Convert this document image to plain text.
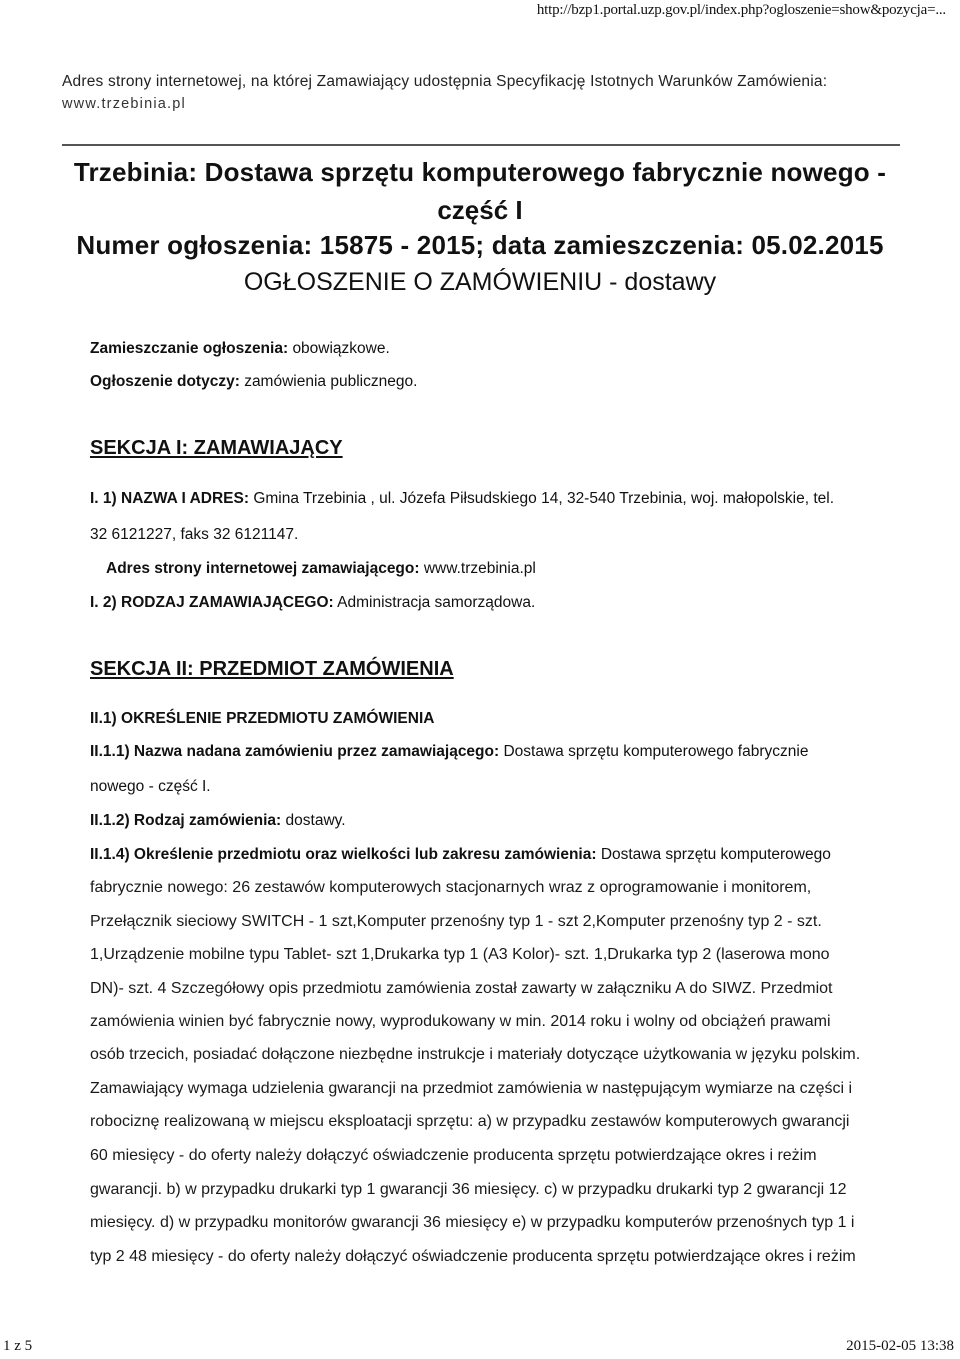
http://bzp1.portal.uzp.gov.pl/index.php?ogloszenie=show&pozycja=...
Adres strony internetowej, na której Zamawiający udostępnia Specyfikację Istotnych Warunków Zamówienia:
www.trzebinia.pl
Trzebinia: Dostawa sprzętu komputerowego fabrycznie nowego -
część I
Numer ogłoszenia: 15875 - 2015; data zamieszczenia: 05.02.2015
OGŁOSZENIE O ZAMÓWIENIU - dostawy
Zamieszczanie ogłoszenia: obowiązkowe.
Ogłoszenie dotyczy: zamówienia publicznego.
SEKCJA I: ZAMAWIAJĄCY
I. 1) NAZWA I ADRES: Gmina Trzebinia , ul. Józefa Piłsudskiego 14, 32-540 Trzebinia, woj. małopolskie, tel.
32 6121227, faks 32 6121147.
Adres strony internetowej zamawiającego: www.trzebinia.pl
I. 2) RODZAJ ZAMAWIAJĄCEGO: Administracja samorządowa.
SEKCJA II: PRZEDMIOT ZAMÓWIENIA
II.1) OKREŚLENIE PRZEDMIOTU ZAMÓWIENIA
II.1.1) Nazwa nadana zamówieniu przez zamawiającego: Dostawa sprzętu komputerowego fabrycznie
nowego - część I.
II.1.2) Rodzaj zamówienia: dostawy.
II.1.4) Określenie przedmiotu oraz wielkości lub zakresu zamówienia: Dostawa sprzętu komputerowego
fabrycznie nowego: 26 zestawów komputerowych stacjonarnych wraz z oprogramowanie i monitorem,
Przełącznik sieciowy SWITCH - 1 szt,Komputer przenośny typ 1 - szt 2,Komputer przenośny typ 2 - szt.
1,Urządzenie mobilne typu Tablet- szt 1,Drukarka typ 1 (A3 Kolor)- szt. 1,Drukarka typ 2 (laserowa mono
DN)- szt. 4 Szczegółowy opis przedmiotu zamówienia został zawarty w załączniku A do SIWZ. Przedmiot
zamówienia winien być fabrycznie nowy, wyprodukowany w min. 2014 roku i wolny od obciążeń prawami
osób trzecich, posiadać dołączone niezbędne instrukcje i materiały dotyczące użytkowania w języku polskim.
Zamawiający wymaga udzielenia gwarancji na przedmiot zamówienia w następującym wymiarze na części i
robociznę realizowaną w miejscu eksploatacji sprzętu: a) w przypadku zestawów komputerowych gwarancji
60 miesięcy - do oferty należy dołączyć oświadczenie producenta sprzętu potwierdzające okres i reżim
gwarancji. b) w przypadku drukarki typ 1 gwarancji 36 miesięcy. c) w przypadku drukarki typ 2 gwarancji 12
miesięcy. d) w przypadku monitorów gwarancji 36 miesięcy e) w przypadku komputerów przenośnych typ 1 i
typ 2 48 miesięcy - do oferty należy dołączyć oświadczenie producenta sprzętu potwierdzające okres i reżim
1 z 5	2015-02-05 13:38
